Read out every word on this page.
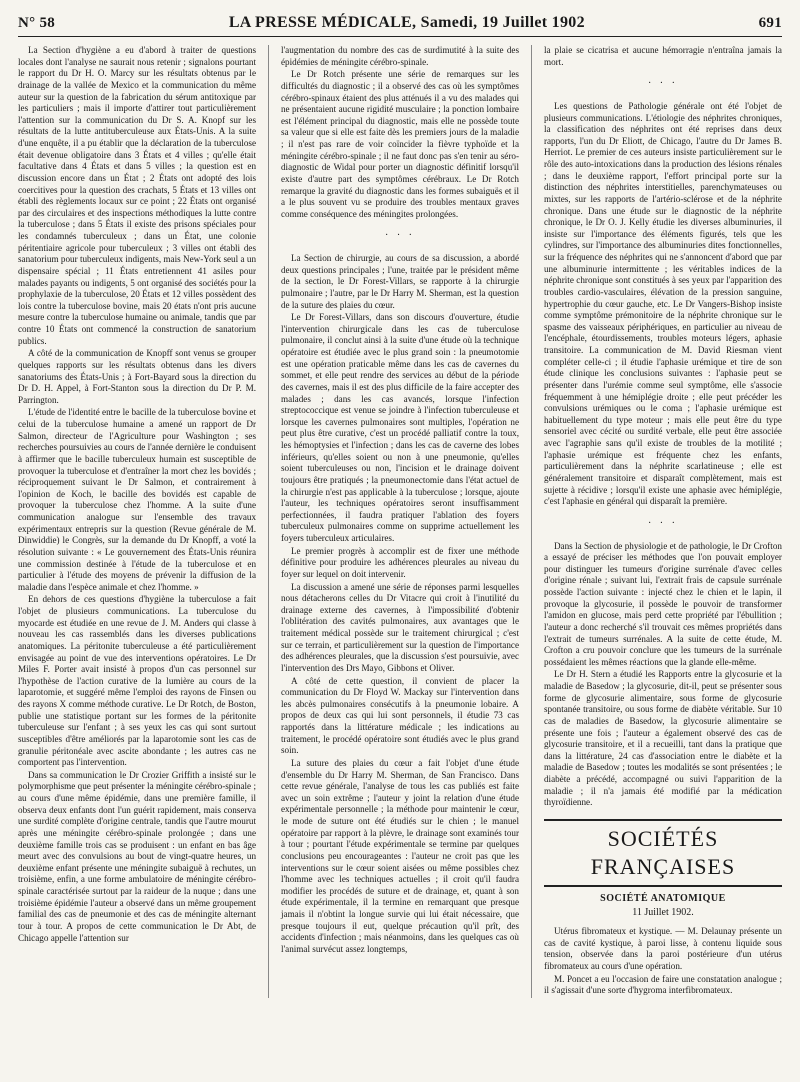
N° 58	LA PRESSE MÉDICALE, Samedi, 19 Juillet 1902	691

La Section d'hygiène a eu d'abord à traiter de questions locales dont l'analyse ne saurait nous retenir ; signalons pourtant le rapport du Dr H. O. Marcy sur les résultats obtenus par le drainage de la vallée de Mexico et la communication du même auteur sur la question de la fabrication du sérum antitoxique par les particuliers ; mais il importe d'attirer tout particulièrement l'attention sur la communication du Dr S. A. Knopf sur les résultats de la lutte antituberculeuse aux États-Unis. A la suite d'une enquête, il a pu établir que la déclaration de la tuberculose était devenue obligatoire dans 3 États et 4 villes ; qu'elle était facultative dans 4 États et dans 5 villes ; la question est en discussion encore dans un État ; 2 États ont adopté des lois coercitives pour la question des crachats, 5 États et 13 villes ont établi des règlements locaux sur ce point ; 22 États ont organisé par des circulaires et des inspections méthodiques la lutte contre la tuberculose ; dans 5 États il existe des prisons spéciales pour les condamnés tuberculeux ; dans un État, une colonie péritentiaire agricole pour tuberculeux ; 3 villes ont établi des sanatorium pour tuberculeux indigents, mais New-York seul a un dispensaire spécial ; 11 États entretiennent 41 asiles pour malades payants ou indigents, 5 ont organisé des sociétés pour la prophylaxie de la tuberculose, 20 États et 12 villes possèdent des lois contre la tuberculose bovine, mais 20 états n'ont pris aucune mesure contre la tuberculose humaine ou animale, tandis que par contre 10 États ont commencé la construction de sanatorium publics.

A côté de la communication de Knopff sont venus se grouper quelques rapports sur les résultats obtenus dans les divers sanatoriums des États-Unis ; à Fort-Bayard sous la direction du Dr D. H. Appel, à Fort-Stanton sous la direction du Dr P. M. Parrington.

L'étude de l'identité entre le bacille de la tuberculose bovine et celui de la tuberculose humaine a amené un rapport de Dr Salmon, directeur de l'Agriculture pour Washington ; ses recherches poursuivies au cours de l'année dernière le conduisent à affirmer que le bacille tuberculeux humain est susceptible de provoquer la tuberculose et d'entraîner la mort chez les bovidés ; réciproquement suivant le Dr Salmon, et contrairement à l'opinion de Koch, le bacille des bovidés est capable de provoquer la tuberculose chez l'homme. A la suite d'une communication analogue sur l'ensemble des travaux expérimentaux entrepris sur la question (Revue générale de M. Dinwiddie) le Congrès, sur la demande du Dr Knopff, a voté la résolution suivante : « Le gouvernement des États-Unis réunira une commission destinée à l'étude de la tuberculose et en particulier à l'étude des moyens de prévenir la diffusion de la maladie dans l'espèce animale et chez l'homme. »

En dehors de ces questions d'hygiène la tuberculose a fait l'objet de plusieurs communications. La tuberculose du myocarde est étudiée en une revue de J. M. Anders qui classe à nouveau les cas rassemblés dans les diverses publications anatomiques. La péritonite tuberculeuse a été particulièrement envisagée au point de vue des interventions opératoires. Le Dr Miles F. Porter avait insisté à propos d'un cas personnel sur l'hypothèse de l'action curative de la lumière au cours de la laparotomie, et suggéré même l'emploi des rayons de Finsen ou des rayons X comme méthode curative. Le Dr Rotch, de Boston, publie une statistique portant sur les formes de la péritonite tuberculeuse sur l'enfant ; à ses yeux les cas qui sont surtout susceptibles d'être améliorés par la laparotomie sont les cas de granulie péritonéale avec ascite abondante ; les autres cas ne comportent pas l'intervention.

Dans sa communication le Dr Crozier Griffith a insisté sur le polymorphisme que peut présenter la méningite cérébro-spinale ; au cours d'une même épidémie, dans une première famille, il observa deux enfants dont l'un guérit rapidement, mais conserva une surdité complète d'origine centrale, tandis que l'autre mourut après une méningite cérébro-spinale prolongée ; dans une deuxième famille trois cas se produisent : un enfant en bas âge meurt avec des convulsions au bout de vingt-quatre heures, un deuxième enfant présente une méningite subaiguë à rechutes, un troisième, enfin, a une forme ambulatoire de méningite cérébro-spinale caractérisée surtout par la raideur de la nuque ; dans une troisième épidémie l'auteur a observé dans un même groupement familial des cas de pneumonie et des cas de méningite alternant tour à tour. A propos de cette communication le Dr Abt, de Chicago appelle l'attention sur

l'augmentation du nombre des cas de surdimutité à la suite des épidémies de méningite cérébro-spinale.

Le Dr Rotch présente une série de remarques sur les difficultés du diagnostic ; il a observé des cas où les symptômes cérébro-spinaux étaient des plus atténués il a vu des malades qui ne présentaient aucune rigidité musculaire ; la ponction lombaire est l'élément principal du diagnostic, mais elle ne possède toute sa valeur que si elle est faite dès les premiers jours de la maladie ; il n'est pas rare de voir coïncider la fièvre typhoïde et la méningite cérébro-spinale ; il ne faut donc pas s'en tenir au séro-diagnostic de Widal pour porter un diagnostic définitif lorsqu'il existe d'autre part des symptômes cérébraux. Le Dr Rotch remarque la gravité du diagnostic dans les formes subaiguës et il a le plus souvent vu se produire des troubles mentaux graves comme conséquence des méningites prolongées.

· · ·

La Section de chirurgie, au cours de sa discussion, a abordé deux questions principales ; l'une, traitée par le président même de la section, le Dr Forest-Villars, se rapporte à la chirurgie pulmonaire ; l'autre, par le Dr Harry M. Sherman, est la question de la suture des plaies du cœur.

Le Dr Forest-Villars, dans son discours d'ouverture, étudie l'intervention chirurgicale dans les cas de tuberculose pulmonaire, il conclut ainsi à la suite d'une étude où la technique opératoire est étudiée avec le plus grand soin : la pneumotomie est une opération praticable même dans les cas de cavernes du sommet, et elle peut rendre des services au début de la période des cavernes, mais il est des plus difficile de la faire accepter des malades ; dans les cas avancés, lorsque l'infection streptococcique est venue se joindre à l'infection tuberculeuse et lorsque les cavernes pulmonaires sont multiples, l'opération ne peut plus être curative, c'est un procédé palliatif contre la toux, les hémoptysies et l'infection ; dans les cas de caverne des lobes inférieurs, qu'elles soient ou non à une pneumonie, qu'elles soient tuberculeuses ou non, l'incision et le drainage doivent toujours être pratiqués ; la pneumonectomie dans l'état actuel de la chirurgie n'est pas applicable à la tuberculose ; lorsque, ajoute l'auteur, les techniques opératoires seront insuffisamment perfectionnées, il faudra pratiquer l'ablation des foyers tuberculeux pulmonaires comme on supprime actuellement les foyers tuberculeux articulaires.

Le premier progrès à accomplir est de fixer une méthode définitive pour produire les adhérences pleurales au niveau du foyer sur lequel on doit intervenir.

La discussion a amené une série de réponses parmi lesquelles nous détacherons celles du Dr Vitacre qui croit à l'inutilité du drainage externe des cavernes, à l'impossibilité d'obtenir l'oblitération des cavités pulmonaires, aux avantages que le traitement médical possède sur le traitement chirurgical ; c'est sur ce terrain, et particulièrement sur la question de l'importance des adhérences pleurales, que la discussion s'est poursuivie, avec l'intervention des Drs Mayo, Gibbons et Oliver.

A côté de cette question, il convient de placer la communication du Dr Floyd W. Mackay sur l'intervention dans les abcès pulmonaires consécutifs à la pneumonie lobaire. A propos de deux cas qui lui sont personnels, il étudie 73 cas rapportés dans la littérature médicale ; les indications au traitement, le procédé opératoire sont étudiés avec le plus grand soin.

La suture des plaies du cœur a fait l'objet d'une étude d'ensemble du Dr Harry M. Sherman, de San Francisco. Dans cette revue générale, l'analyse de tous les cas publiés est faite avec un soin extrême ; l'auteur y joint la relation d'une étude expérimentale personnelle ; la méthode pour maintenir le cœur, le mode de suture ont été étudiés sur le chien ; le manuel opératoire par rapport à la plèvre, le drainage sont examinés tour à tour ; pourtant l'étude expérimentale se termine par quelques conclusions peu encourageantes : l'auteur ne croit pas que les interventions sur le cœur soient aisées ou même possibles chez l'homme avec les techniques actuelles ; il croit qu'il faudra modifier les procédés de suture et de drainage, et, quant à son étude expérimentale, il la termine en remarquant que presque jamais il n'obtint la longue survie qui lui était nécessaire, que presque toujours il eut, quelque précaution qu'il prît, des accidents d'infection ; mais néanmoins, dans les quelques cas où l'animal survécut assez longtemps,

la plaie se cicatrisa et aucune hémorragie n'entraîna jamais la mort.

· · ·

Les questions de Pathologie générale ont été l'objet de plusieurs communications. L'étiologie des néphrites chroniques, la classification des néphrites ont été reprises dans deux rapports, l'un du Dr Eliott, de Chicago, l'autre du Dr James B. Herriot. Le premier de ces auteurs insiste particulièrement sur le rôle des auto-intoxications dans la production des lésions rénales ; dans le deuxième rapport, l'effort principal porte sur la distinction des néphrites interstitielles, parenchymateuses ou mixtes, sur les rapports de l'artério-sclérose et de la néphrite chronique. Dans une étude sur le diagnostic de la néphrite chronique, le Dr O. J. Kelly étudie les diverses albuminuries, il insiste sur l'importance des éléments figurés, tels que les cylindres, sur l'importance des albuminuries dites fonctionnelles, sur la fréquence des néphrites qui ne s'annoncent d'abord que par une albuminurie intermittente ; les véritables indices de la néphrite chronique sont constitués à ses yeux par l'apparition des troubles cardio-vasculaires, élévation de la pression sanguine, hypertrophie du cœur gauche, etc. Le Dr Vangers-Bishop insiste comme symptôme prémonitoire de la néphrite chronique sur le spasme des vaisseaux périphériques, en particulier au niveau de l'encéphale, étourdissements, troubles moteurs légers, aphasie transitoire. La communication de M. David Riesman vient compléter celle-ci ; il étudie l'aphasie urémique et tire de son étude clinique les conclusions suivantes : l'aphasie peut se présenter dans l'urémie comme seul symptôme, elle s'associe fréquemment à une hémiplégie droite ; elle peut précéder les convulsions urémiques ou le coma ; l'aphasie urémique est habituellement du type moteur ; mais elle peut être du type sensoriel avec cécité ou surdité verbale, elle peut être associée avec l'agraphie sans qu'il existe de troubles de la motilité ; l'aphasie urémique est fréquente chez les enfants, particulièrement dans la néphrite scarlatineuse ; elle est généralement transitoire et disparaît complètement, mais est sujette à récidive ; lorsqu'il existe une aphasie avec hémiplégie, c'est l'aphasie en général qui disparaît la première.

· · ·

Dans la Section de physiologie et de pathologie, le Dr Crofton a essayé de préciser les méthodes que l'on pouvait employer pour distinguer les tumeurs d'origine surrénale d'avec celles d'origine rénale ; suivant lui, l'extrait frais de capsule surrénale possède l'action suivante : injecté chez le chien et le lapin, il provoque la glycosurie, il possède le pouvoir de transformer l'amidon en glucose, mais perd cette propriété par l'ébullition ; l'auteur a donc recherché s'il trouvait ces mêmes propriétés dans l'extrait de tumeurs surrénales. A la suite de cette étude, M. Crofton a cru pouvoir conclure que les tumeurs de la surrénale possédaient les mêmes réactions que la glande elle-même.

Le Dr H. Stern a étudié les Rapports entre la glycosurie et la maladie de Basedow ; la glycosurie, dit-il, peut se présenter sous forme de glycosurie alimentaire, sous forme de glycosurie spontanée transitoire, ou sous forme de diabète véritable. Sur 10 cas de maladies de Basedow, la glycosurie alimentaire se présente une fois ; l'auteur a également observé des cas de glycosurie transitoire, et il a recueilli, tant dans la pratique que dans la littérature, 24 cas d'association entre le diabète et la maladie de Basedow ; toutes les modalités se sont présentées ; le diabète a précédé, accompagné ou suivi l'apparition de la maladie ; il n'a jamais été modifié par la médication thyroïdienne.

SOCIÉTÉS FRANÇAISES
SOCIÉTÉ ANATOMIQUE
11 Juillet 1902.

Utérus fibromateux et kystique. — M. Delaunay présente un cas de cavité kystique, à paroi lisse, à contenu liquide sous tension, observée dans la paroi postérieure d'un utérus fibromateux au cours d'une opération.

M. Poncet a eu l'occasion de faire une constatation analogue ; il s'agissait d'une sorte d'hygroma interfibromateux.
